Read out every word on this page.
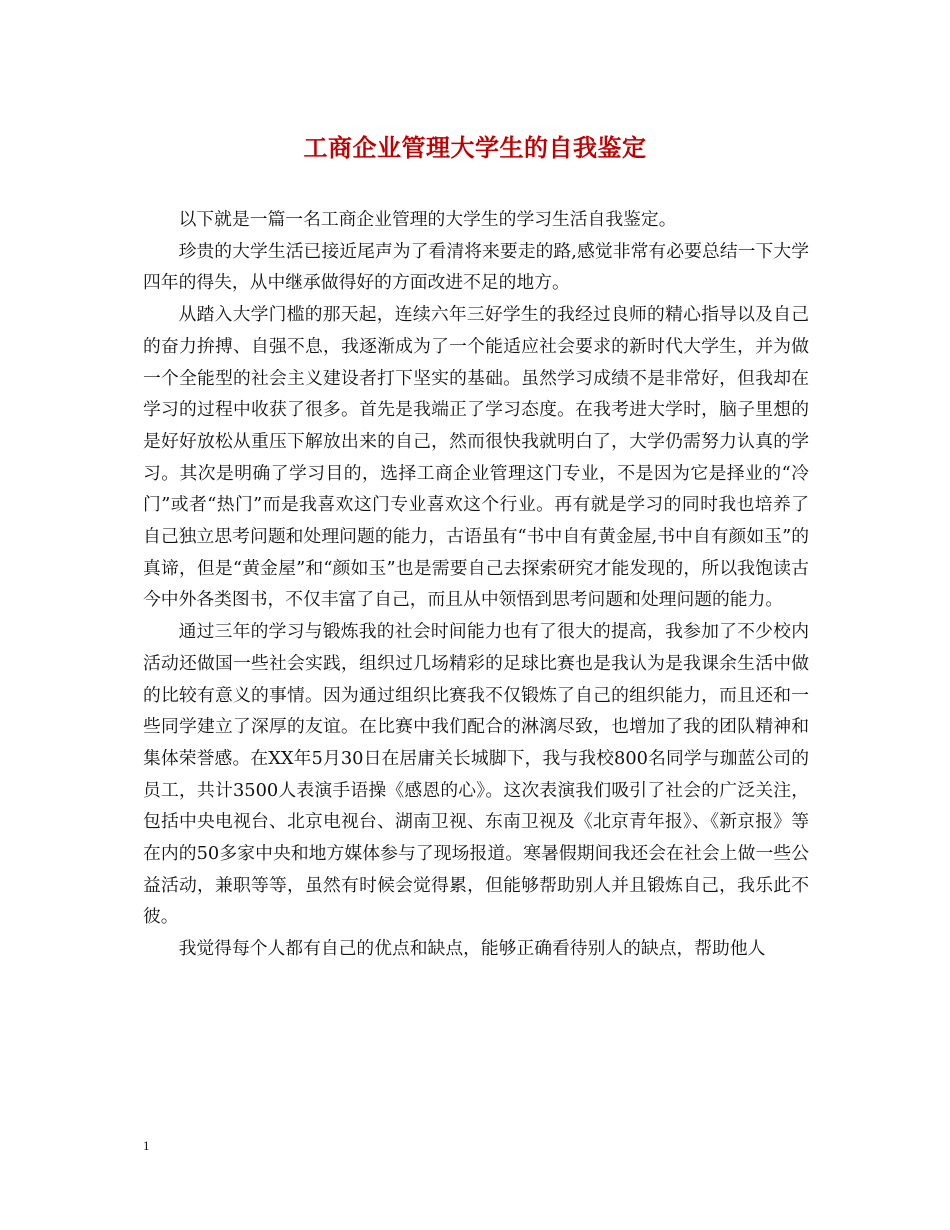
工商企业管理大学生的自我鉴定

以下就是一篇一名工商企业管理的大学生的学习生活自我鉴定。

珍贵的大学生活已接近尾声为了看清将来要走的路,感觉非常有必要总结一下大学四年的得失，从中继承做得好的方面改进不足的地方。

从踏入大学门槛的那天起，连续六年三好学生的我经过良师的精心指导以及自己的奋力拚搏、自强不息，我逐渐成为了一个能适应社会要求的新时代大学生，并为做一个全能型的社会主义建设者打下坚实的基础。虽然学习成绩不是非常好，但我却在学习的过程中收获了很多。首先是我端正了学习态度。在我考进大学时，脑子里想的是好好放松从重压下解放出来的自己，然而很快我就明白了，大学仍需努力认真的学习。其次是明确了学习目的，选择工商企业管理这门专业，不是因为它是择业的“冷门”或者“热门”而是我喜欢这门专业喜欢这个行业。再有就是学习的同时我也培养了自己独立思考问题和处理问题的能力，古语虽有“书中自有黄金屋,书中自有颜如玉”的真谛，但是“黄金屋”和“颜如玉”也是需要自己去探索研究才能发现的，所以我饱读古今中外各类图书，不仅丰富了自己，而且从中领悟到思考问题和处理问题的能力。

通过三年的学习与锻炼我的社会时间能力也有了很大的提高，我参加了不少校内活动还做国一些社会实践，组织过几场精彩的足球比赛也是我认为是我课余生活中做的比较有意义的事情。因为通过组织比赛我不仅锻炼了自己的组织能力，而且还和一些同学建立了深厚的友谊。在比赛中我们配合的淋漓尽致，也增加了我的团队精神和集体荣誉感。在XX年5月30日在居庸关长城脚下，我与我校800名同学与珈蓝公司的员工，共计3500人表演手语操《感恩的心》。这次表演我们吸引了社会的广泛关注，包括中央电视台、北京电视台、湖南卫视、东南卫视及《北京青年报》、《新京报》等在内的50多家中央和地方媒体参与了现场报道。寒暑假期间我还会在社会上做一些公益活动，兼职等等，虽然有时候会觉得累，但能够帮助别人并且锻炼自己，我乐此不彼。

我觉得每个人都有自己的优点和缺点，能够正确看待别人的缺点，帮助他人

1
